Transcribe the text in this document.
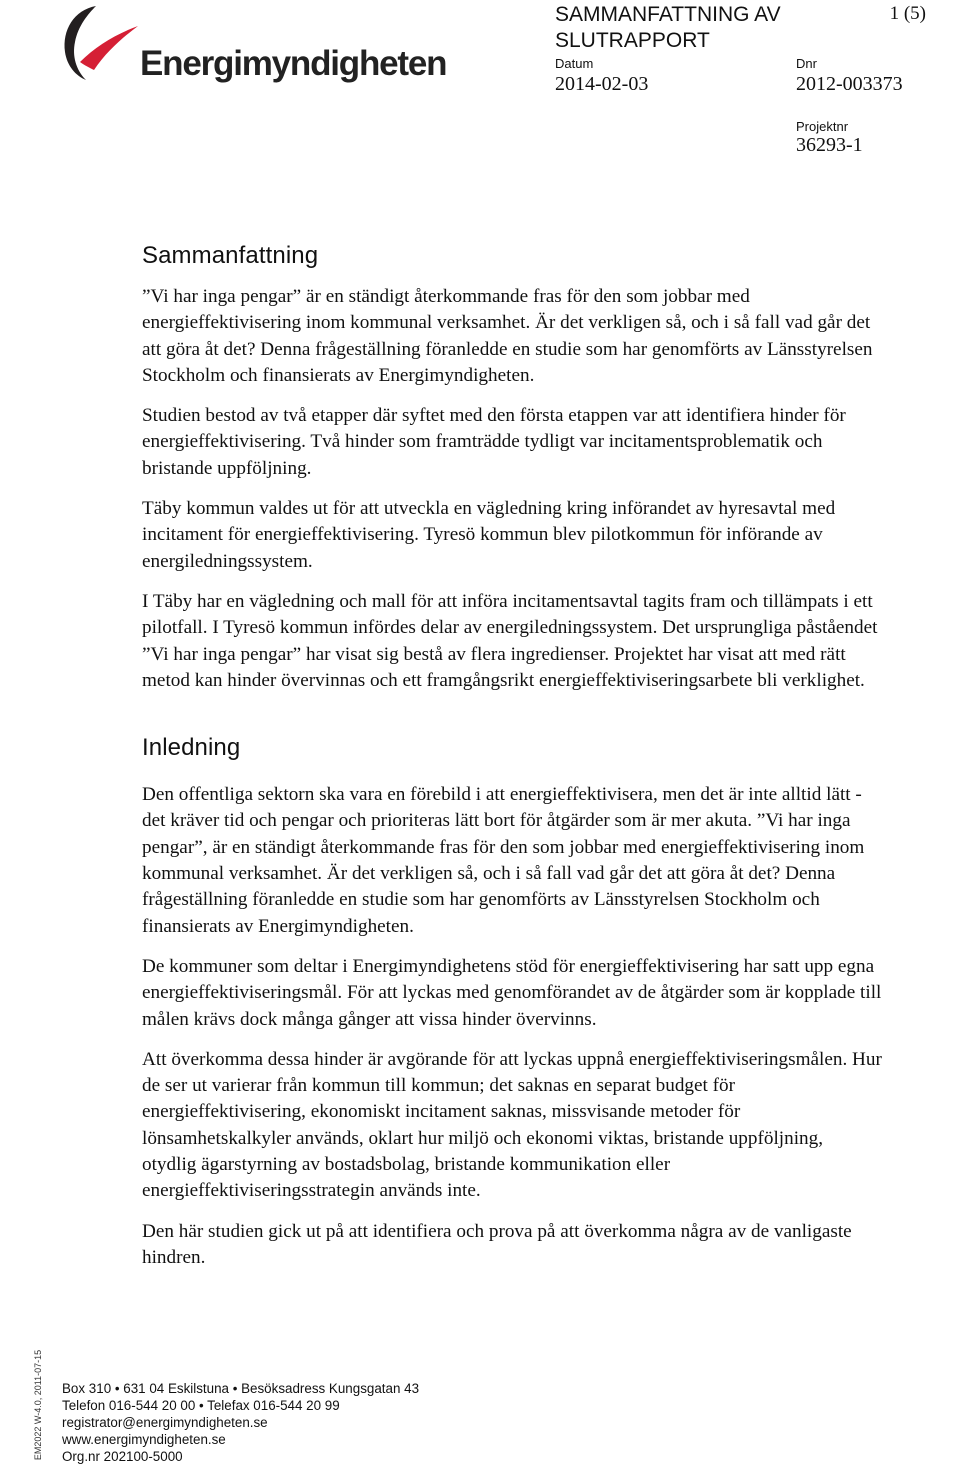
Energimyndigheten
SAMMANFATTNING AV SLUTRAPPORT
1 (5)
Datum
2014-02-03
Dnr
2012-003373
Projektnr
36293-1
Sammanfattning

”Vi har inga pengar” är en ständigt återkommande fras för den som jobbar med energieffektivisering inom kommunal verksamhet. Är det verkligen så, och i så fall vad går det att göra åt det? Denna frågeställning föranledde en studie som har genomförts av Länsstyrelsen Stockholm och finansierats av Energimyndigheten.

Studien bestod av två etapper där syftet med den första etappen var att identifiera hinder för energieffektivisering. Två hinder som framträdde tydligt var incitamentsproblematik och bristande uppföljning.

Täby kommun valdes ut för att utveckla en vägledning kring införandet av hyresavtal med incitament för energieffektivisering. Tyresö kommun blev pilotkommun för införande av energiledningssystem.

I Täby har en vägledning och mall för att införa incitamentsavtal tagits fram och tillämpats i ett pilotfall. I Tyresö kommun infördes delar av energiledningssystem. Det ursprungliga påståendet ”Vi har inga pengar” har visat sig bestå av flera ingredienser. Projektet har visat att med rätt metod kan hinder övervinnas och ett framgångsrikt energieffektiviseringsarbete bli verklighet.

Inledning

Den offentliga sektorn ska vara en förebild i att energieffektivisera, men det är inte alltid lätt - det kräver tid och pengar och prioriteras lätt bort för åtgärder som är mer akuta. ”Vi har inga pengar”, är en ständigt återkommande fras för den som jobbar med energieffektivisering inom kommunal verksamhet. Är det verkligen så, och i så fall vad går det att göra åt det? Denna frågeställning föranledde en studie som har genomförts av Länsstyrelsen Stockholm och finansierats av Energimyndigheten.

De kommuner som deltar i Energimyndighetens stöd för energieffektivisering har satt upp egna energieffektiviseringsmål. För att lyckas med genomförandet av de åtgärder som är kopplade till målen krävs dock många gånger att vissa hinder övervinns.

Att överkomma dessa hinder är avgörande för att lyckas uppnå energieffektiviseringsmålen. Hur de ser ut varierar från kommun till kommun; det saknas en separat budget för energieffektivisering, ekonomiskt incitament saknas, missvisande metoder för lönsamhetskalkyler används, oklart hur miljö och ekonomi viktas, bristande uppföljning, otydlig ägarstyrning av bostadsbolag, bristande kommunikation eller energieffektiviseringsstrategin används inte.

Den här studien gick ut på att identifiera och prova på att överkomma några av de vanligaste hindren.

EM2022 W-4.0, 2011-07-15 Box 310 • 631 04 Eskilstuna • Besöksadress Kungsgatan 43
Telefon 016-544 20 00 • Telefax 016-544 20 99
registrator@energimyndigheten.se
www.energimyndigheten.se
Org.nr 202100-5000
